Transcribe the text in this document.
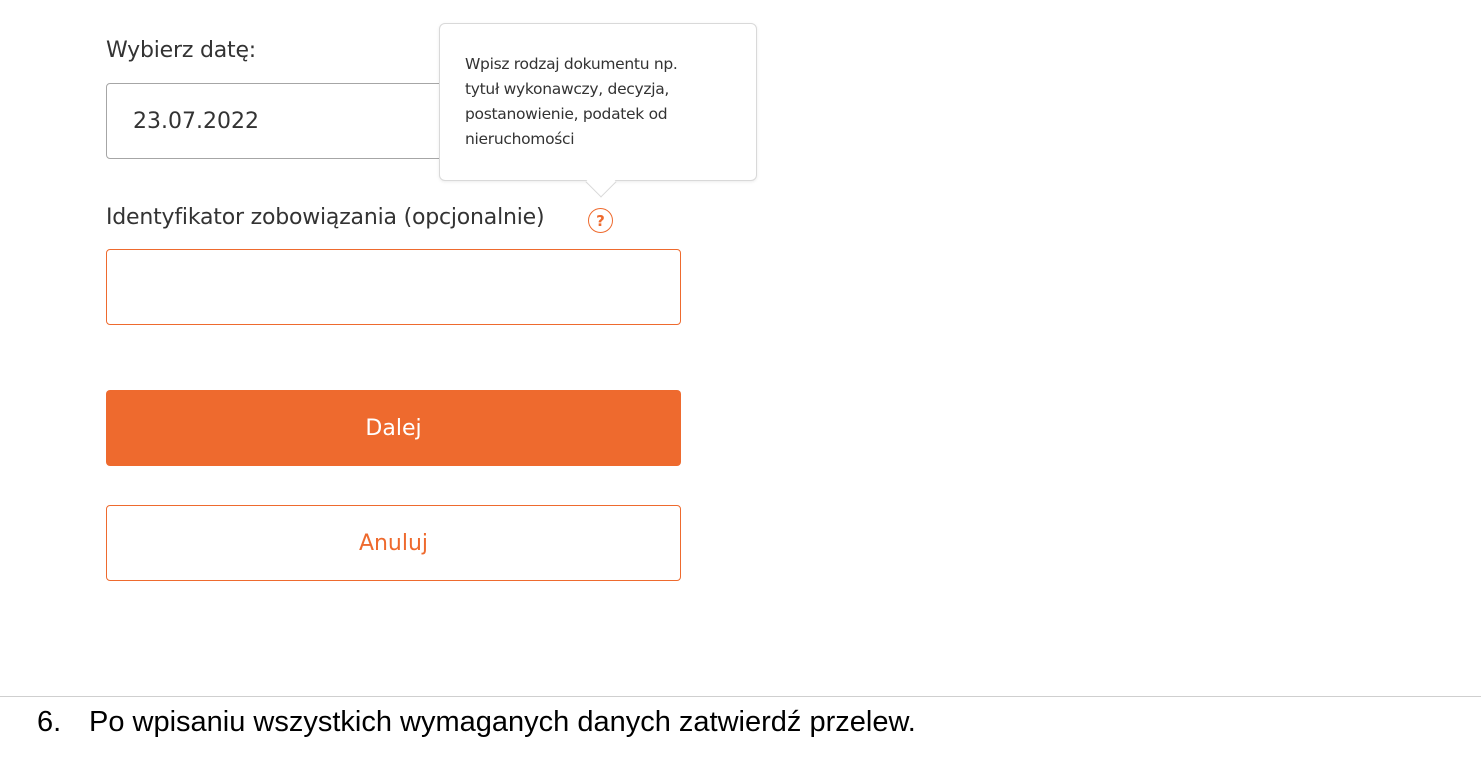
Wybierz datę:
23.07.2022
Identyfikator zobowiązania (opcjonalnie)	?
Wpisz rodzaj dokumentu np.
tytuł wykonawczy, decyzja,
postanowienie, podatek od
nieruchomości
Dalej
Anuluj
6. Po wpisaniu wszystkich wymaganych danych zatwierdź przelew.
